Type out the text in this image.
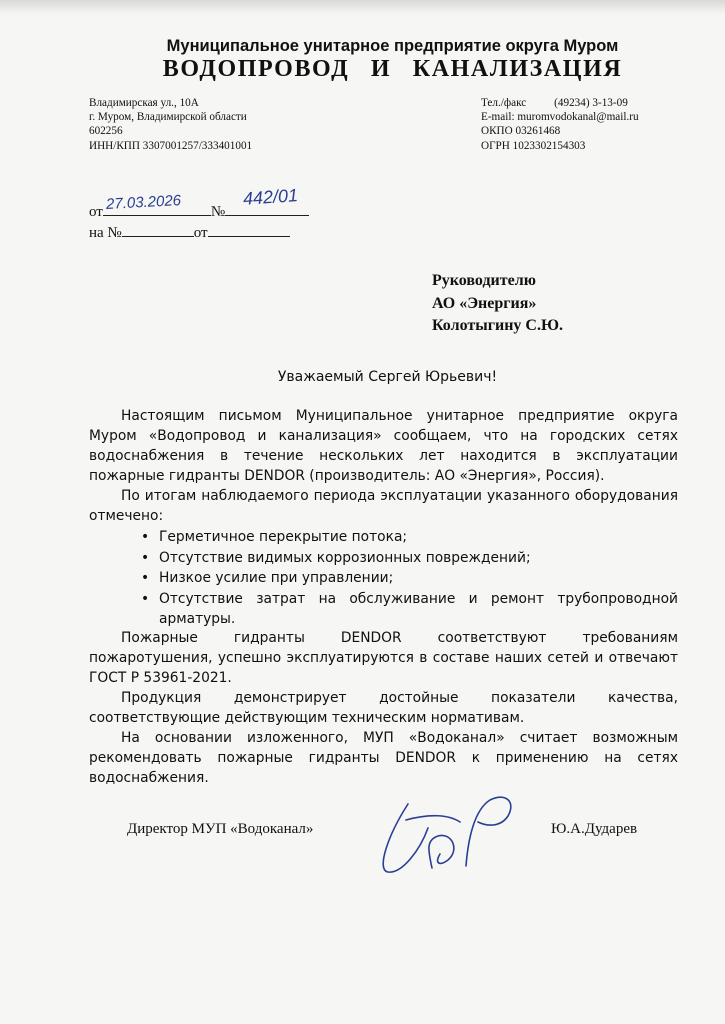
Муниципальное унитарное предприятие округа Муром
ВОДОПРОВОД И КАНАЛИЗАЦИЯ
Владимирская ул., 10А
г. Муром, Владимирской области
602256
ИНН/КПП 3307001257/333401001
Тел./факс          (49234) 3-13-09
E-mail: muromvodokanal@mail.ru
ОКПО 03261468
ОГРН 1023302154303
от 27.03.2026 №
442/01
на №	от
Руководителю
АО «Энергия»
Колотыгину С.Ю.
Уважаемый Сергей Юрьевич!

Настоящим письмом Муниципальное унитарное предприятие округа Муром «Водопровод и канализация» сообщаем, что на городских сетях водоснабжения в течение нескольких лет находится в эксплуатации пожарные гидранты DENDOR (производитель: АО «Энергия», Россия).

По итогам наблюдаемого периода эксплуатации указанного оборудования отмечено:

• Герметичное перекрытие потока;
• Отсутствие видимых коррозионных повреждений;
• Низкое усилие при управлении;
• Отсутствие затрат на обслуживание и ремонт трубопроводной арматуры.

Пожарные гидранты DENDOR соответствуют требованиям пожаротушения, успешно эксплуатируются в составе наших сетей и отвечают ГОСТ Р 53961-2021.

Продукция демонстрирует достойные показатели качества, соответствующие действующим техническим нормативам.

На основании изложенного, МУП «Водоканал» считает возможным рекомендовать пожарные гидранты DENDOR к применению на сетях водоснабжения.

Директор МУП «Водоканал»	Ю.А.Дударев
